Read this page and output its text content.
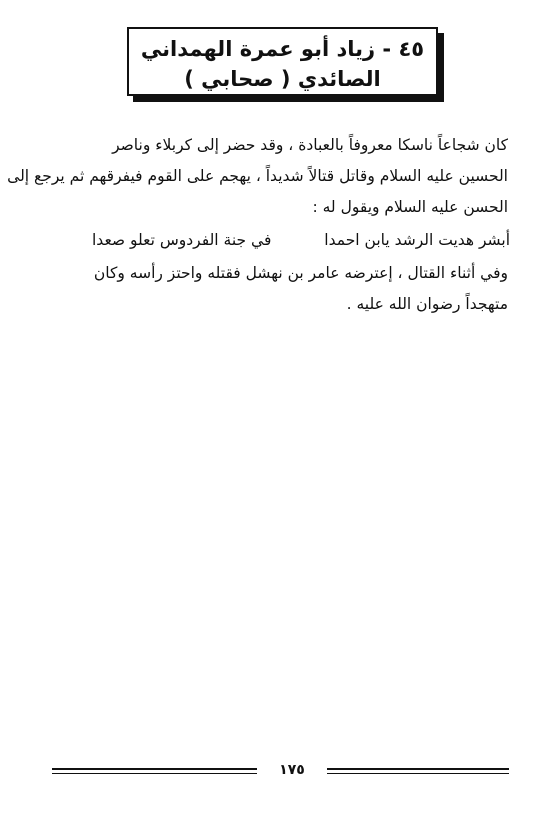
٤٥ - زياد أبو عمرة الهمداني
الصائدي ( صحابي )
كان شجاعاً ناسكا معروفاً بالعبادة ، وقد حضر إلى كربلاء وناصر
الحسين عليه السلام وقاتل قتالاً شديداً ، يهجم على القوم فيفرقهم ثم يرجع إلى
الحسن عليه السلام ويقول له :
أبشر هديت الرشد يابن احمدا
في جنة الفردوس تعلو صعدا
وفي أثناء القتال ، إعترضه عامر بن نهشل فقتله واحتز رأسه وكان
متهجداً رضوان الله عليه .
١٧٥
